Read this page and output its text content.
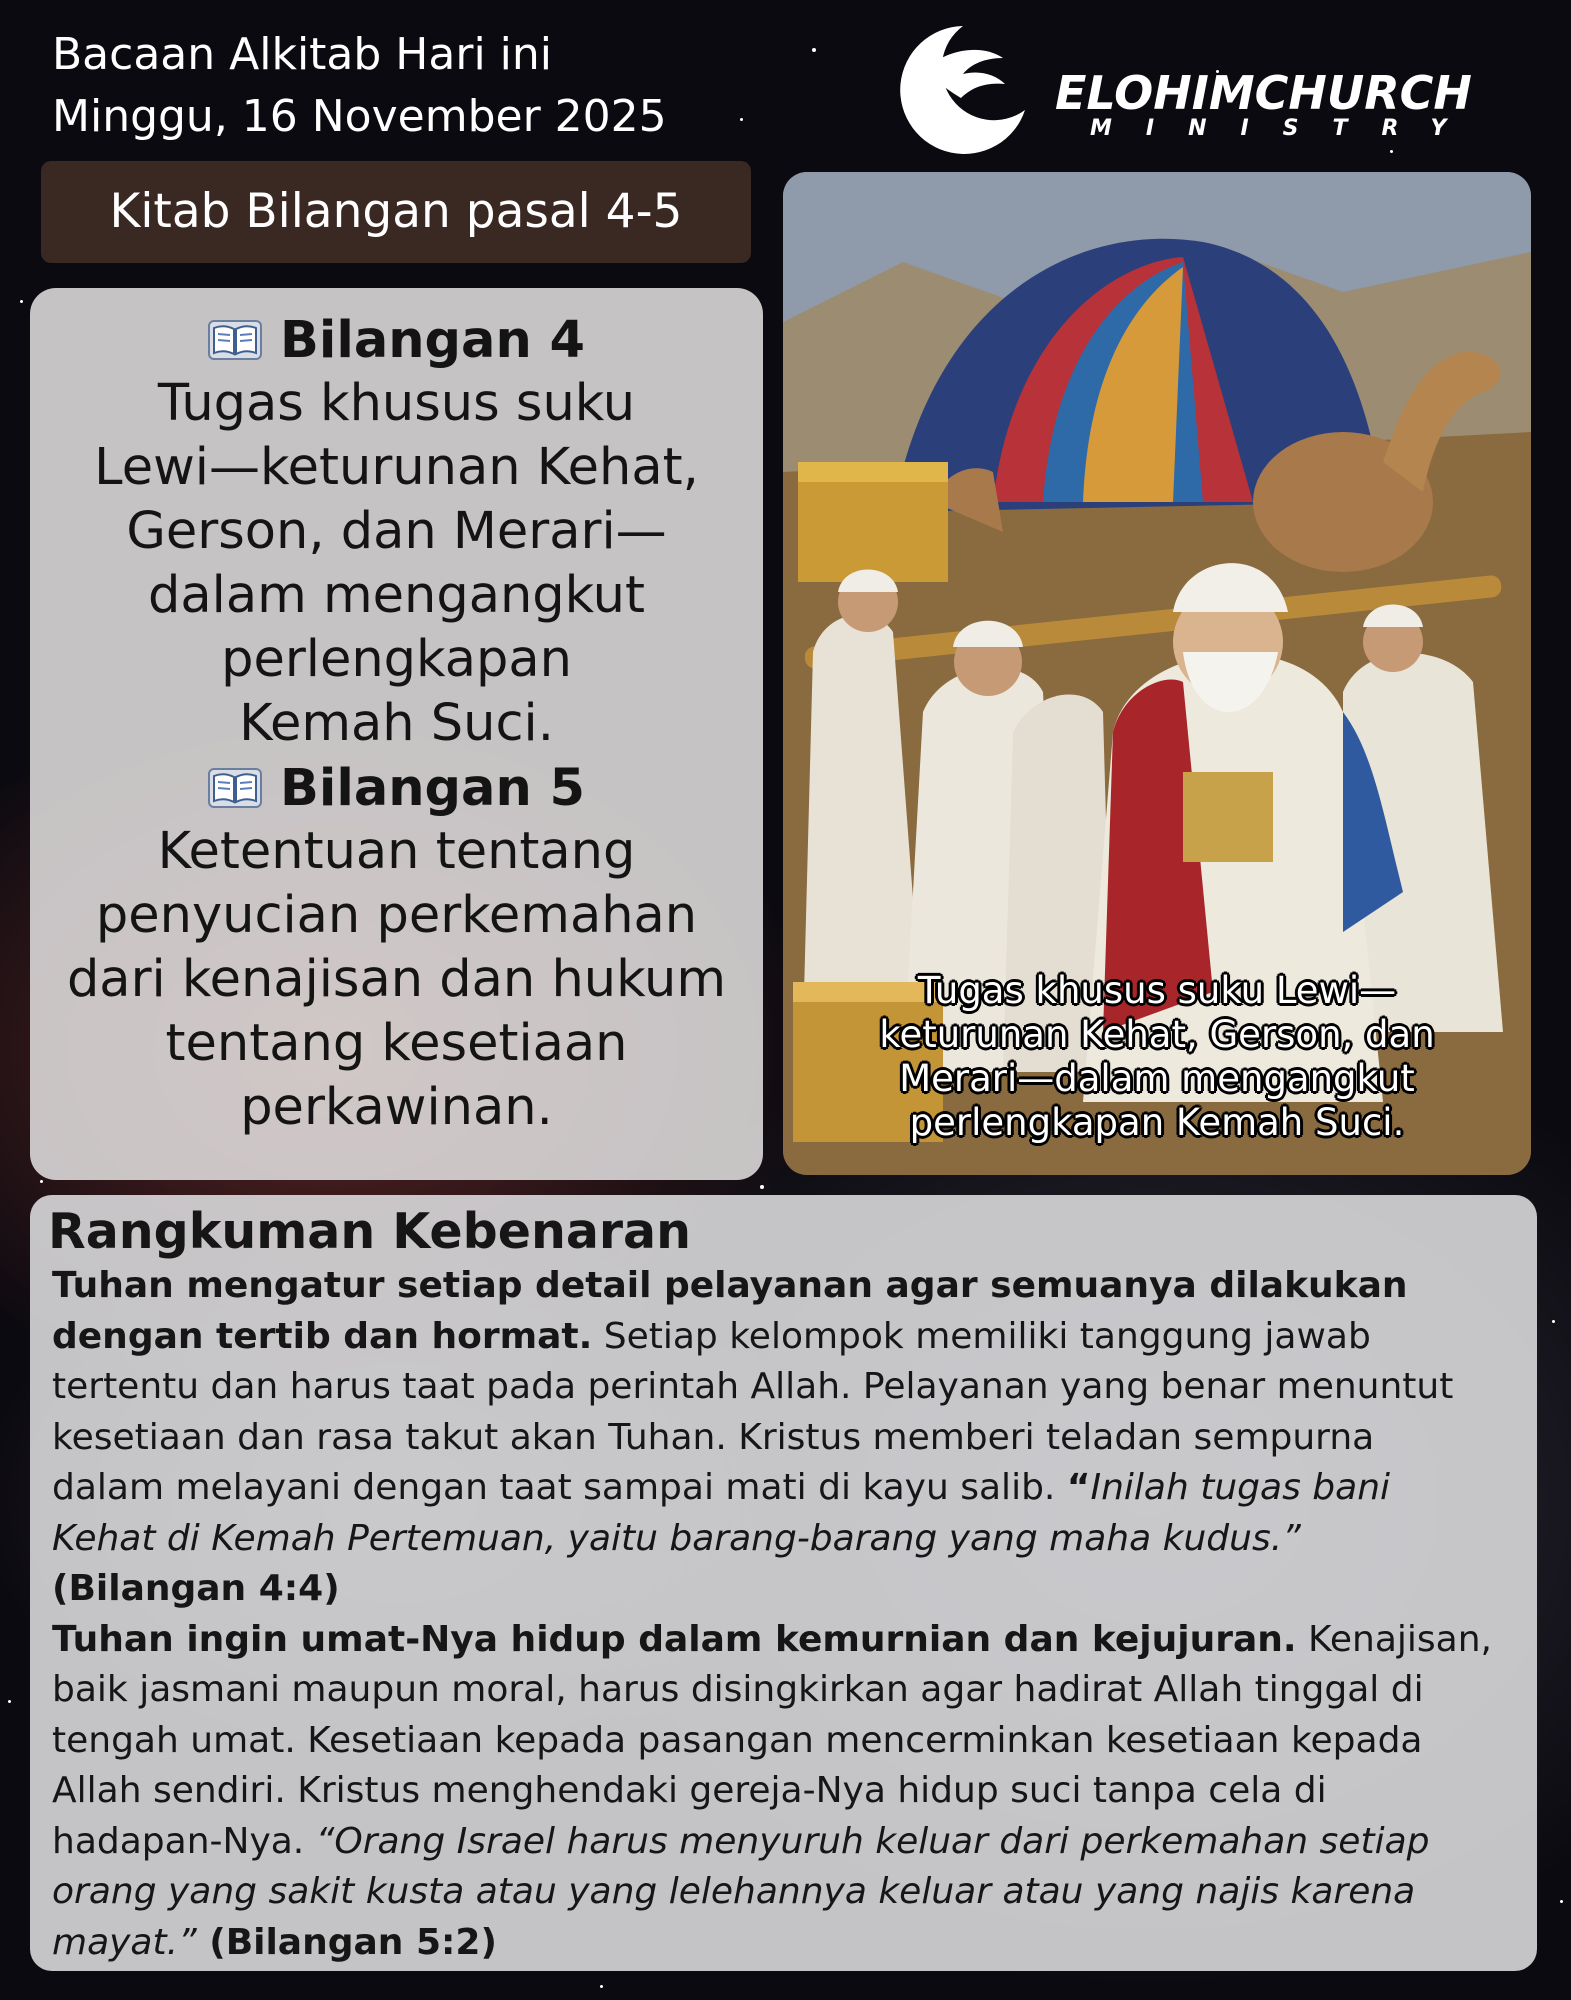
Bacaan Alkitab Hari ini
Minggu, 16 November 2025	ELOHIMCHURCH
MINISTRY
Kitab Bilangan pasal 4-5
Bilangan 4
Tugas khusus suku
Lewi—keturunan Kehat,
Gerson, dan Merari—
dalam mengangkut
perlengkapan
Kemah Suci.
Bilangan 5
Ketentuan tentang
penyucian perkemahan
dari kenajisan dan hukum
tentang kesetiaan
perkawinan.
Tugas khusus suku Lewi—
keturunan Kehat, Gerson, dan
Merari—dalam mengangkut
perlengkapan Kemah Suci.
Rangkuman Kebenaran
Tuhan mengatur setiap detail pelayanan agar semuanya dilakukan
dengan tertib dan hormat. Setiap kelompok memiliki tanggung jawab
tertentu dan harus taat pada perintah Allah. Pelayanan yang benar menuntut
kesetiaan dan rasa takut akan Tuhan. Kristus memberi teladan sempurna
dalam melayani dengan taat sampai mati di kayu salib. “Inilah tugas bani
Kehat di Kemah Pertemuan, yaitu barang-barang yang maha kudus.”
(Bilangan 4:4)
Tuhan ingin umat-Nya hidup dalam kemurnian dan kejujuran. Kenajisan,
baik jasmani maupun moral, harus disingkirkan agar hadirat Allah tinggal di
tengah umat. Kesetiaan kepada pasangan mencerminkan kesetiaan kepada
Allah sendiri. Kristus menghendaki gereja-Nya hidup suci tanpa cela di
hadapan-Nya. “Orang Israel harus menyuruh keluar dari perkemahan setiap
orang yang sakit kusta atau yang lelehannya keluar atau yang najis karena
mayat.” (Bilangan 5:2)
